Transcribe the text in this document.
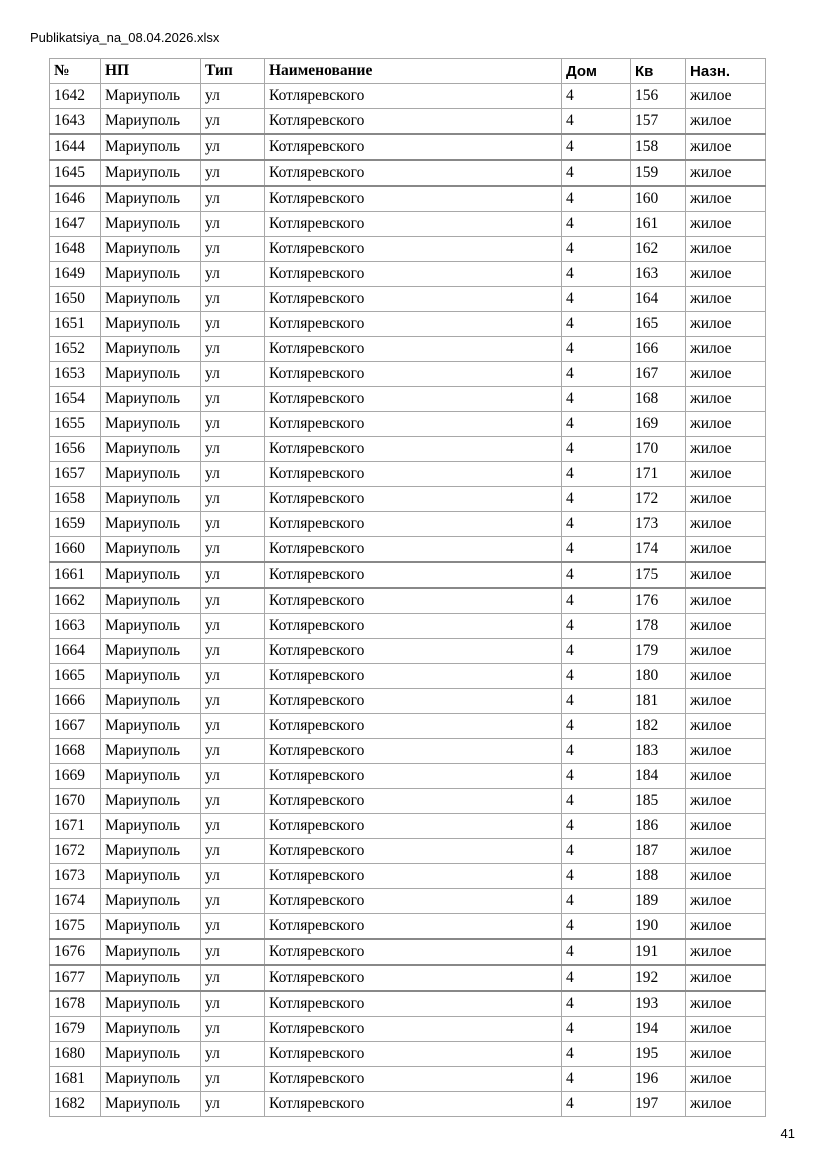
Publikatsiya_na_08.04.2026.xlsx
№	НП	Тип	Наименование	Дом	Кв	Назн.
1642	Мариуполь	ул	Котляревского	4	156	жилое
1643	Мариуполь	ул	Котляревского	4	157	жилое
1644	Мариуполь	ул	Котляревского	4	158	жилое
1645	Мариуполь	ул	Котляревского	4	159	жилое
1646	Мариуполь	ул	Котляревского	4	160	жилое
1647	Мариуполь	ул	Котляревского	4	161	жилое
1648	Мариуполь	ул	Котляревского	4	162	жилое
1649	Мариуполь	ул	Котляревского	4	163	жилое
1650	Мариуполь	ул	Котляревского	4	164	жилое
1651	Мариуполь	ул	Котляревского	4	165	жилое
1652	Мариуполь	ул	Котляревского	4	166	жилое
1653	Мариуполь	ул	Котляревского	4	167	жилое
1654	Мариуполь	ул	Котляревского	4	168	жилое
1655	Мариуполь	ул	Котляревского	4	169	жилое
1656	Мариуполь	ул	Котляревского	4	170	жилое
1657	Мариуполь	ул	Котляревского	4	171	жилое
1658	Мариуполь	ул	Котляревского	4	172	жилое
1659	Мариуполь	ул	Котляревского	4	173	жилое
1660	Мариуполь	ул	Котляревского	4	174	жилое
1661	Мариуполь	ул	Котляревского	4	175	жилое
1662	Мариуполь	ул	Котляревского	4	176	жилое
1663	Мариуполь	ул	Котляревского	4	178	жилое
1664	Мариуполь	ул	Котляревского	4	179	жилое
1665	Мариуполь	ул	Котляревского	4	180	жилое
1666	Мариуполь	ул	Котляревского	4	181	жилое
1667	Мариуполь	ул	Котляревского	4	182	жилое
1668	Мариуполь	ул	Котляревского	4	183	жилое
1669	Мариуполь	ул	Котляревского	4	184	жилое
1670	Мариуполь	ул	Котляревского	4	185	жилое
1671	Мариуполь	ул	Котляревского	4	186	жилое
1672	Мариуполь	ул	Котляревского	4	187	жилое
1673	Мариуполь	ул	Котляревского	4	188	жилое
1674	Мариуполь	ул	Котляревского	4	189	жилое
1675	Мариуполь	ул	Котляревского	4	190	жилое
1676	Мариуполь	ул	Котляревского	4	191	жилое
1677	Мариуполь	ул	Котляревского	4	192	жилое
1678	Мариуполь	ул	Котляревского	4	193	жилое
1679	Мариуполь	ул	Котляревского	4	194	жилое
1680	Мариуполь	ул	Котляревского	4	195	жилое
1681	Мариуполь	ул	Котляревского	4	196	жилое
1682	Мариуполь	ул	Котляревского	4	197	жилое
41
